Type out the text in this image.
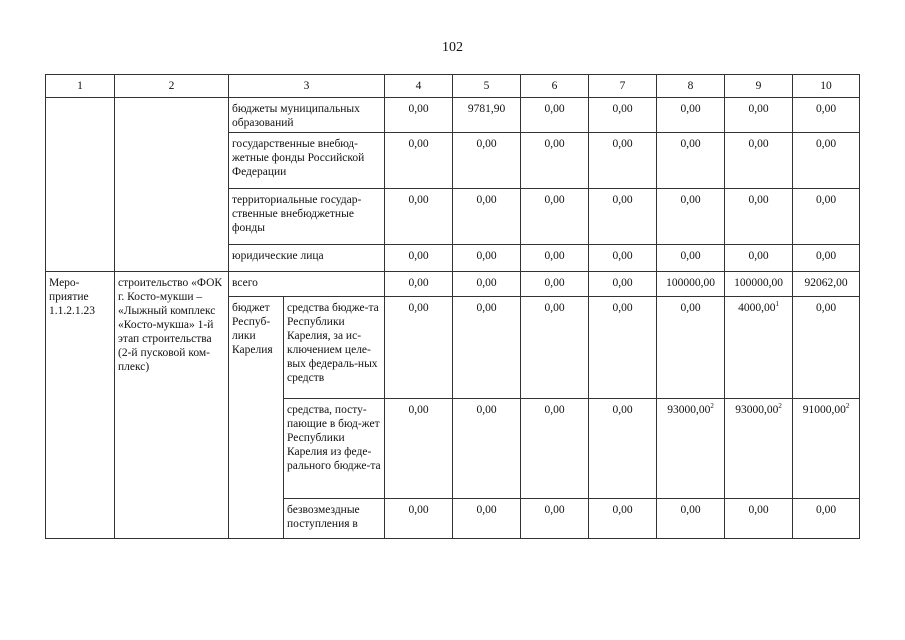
102
1	2	3		4	5	6	7	8	9	10
		бюджеты муниципальных образований		0,00	9781,90	0,00	0,00	0,00	0,00	0,00
		государственные внебюд-жетные фонды Российской Федерации		0,00	0,00	0,00	0,00	0,00	0,00	0,00
		территориальные государ-ственные внебюджетные фонды		0,00	0,00	0,00	0,00	0,00	0,00	0,00
		юридические лица		0,00	0,00	0,00	0,00	0,00	0,00	0,00
Меро-приятие 1.1.2.1.23	строительство «ФОК г. Косто-мукши – «Лыжный комплекс «Косто-мукша» 1-й этап строительства (2-й пусковой ком-плекс)	всего		0,00	0,00	0,00	0,00	100000,00	100000,00	92062,00
		бюджет Респуб-лики Карелия	средства бюдже-та Республики Карелия, за ис-ключением целе-вых федераль-ных средств	0,00	0,00	0,00	0,00	0,00	4000,00$^1$	0,00
			средства, посту-пающие в бюд-жет Республики Карелия из феде-рального бюдже-та	0,00	0,00	0,00	0,00	93000,00$^2$	93000,00$^2$	91000,00$^2$
			безвозмездные поступления в	0,00	0,00	0,00	0,00	0,00	0,00	0,00
